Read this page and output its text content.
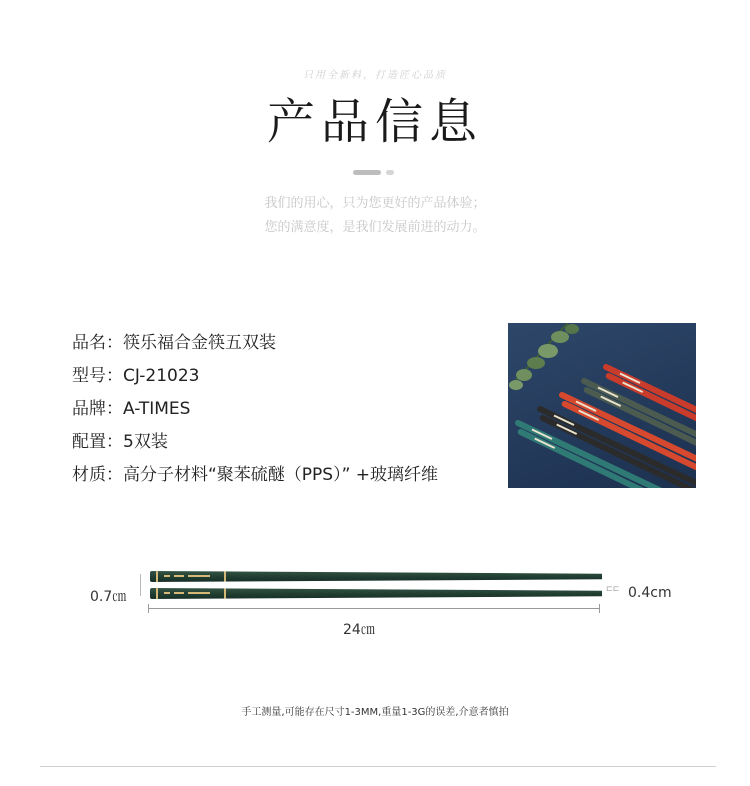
只用全新料，打造匠心品质
产品信息
我们的用心，只为您更好的产品体验；
您的满意度，是我们发展前进的动力。
品名：筷乐福合金筷五双装
型号：CJ-21023
品牌：A-TIMES
配置：5双装
材质：高分子材料“聚苯硫醚（PPS）” +玻璃纤维
0.7㎝
⊏⊏ 0.4cm
24㎝
手工测量,可能存在尺寸1-3MM,重量1-3G的误差,介意者慎拍
